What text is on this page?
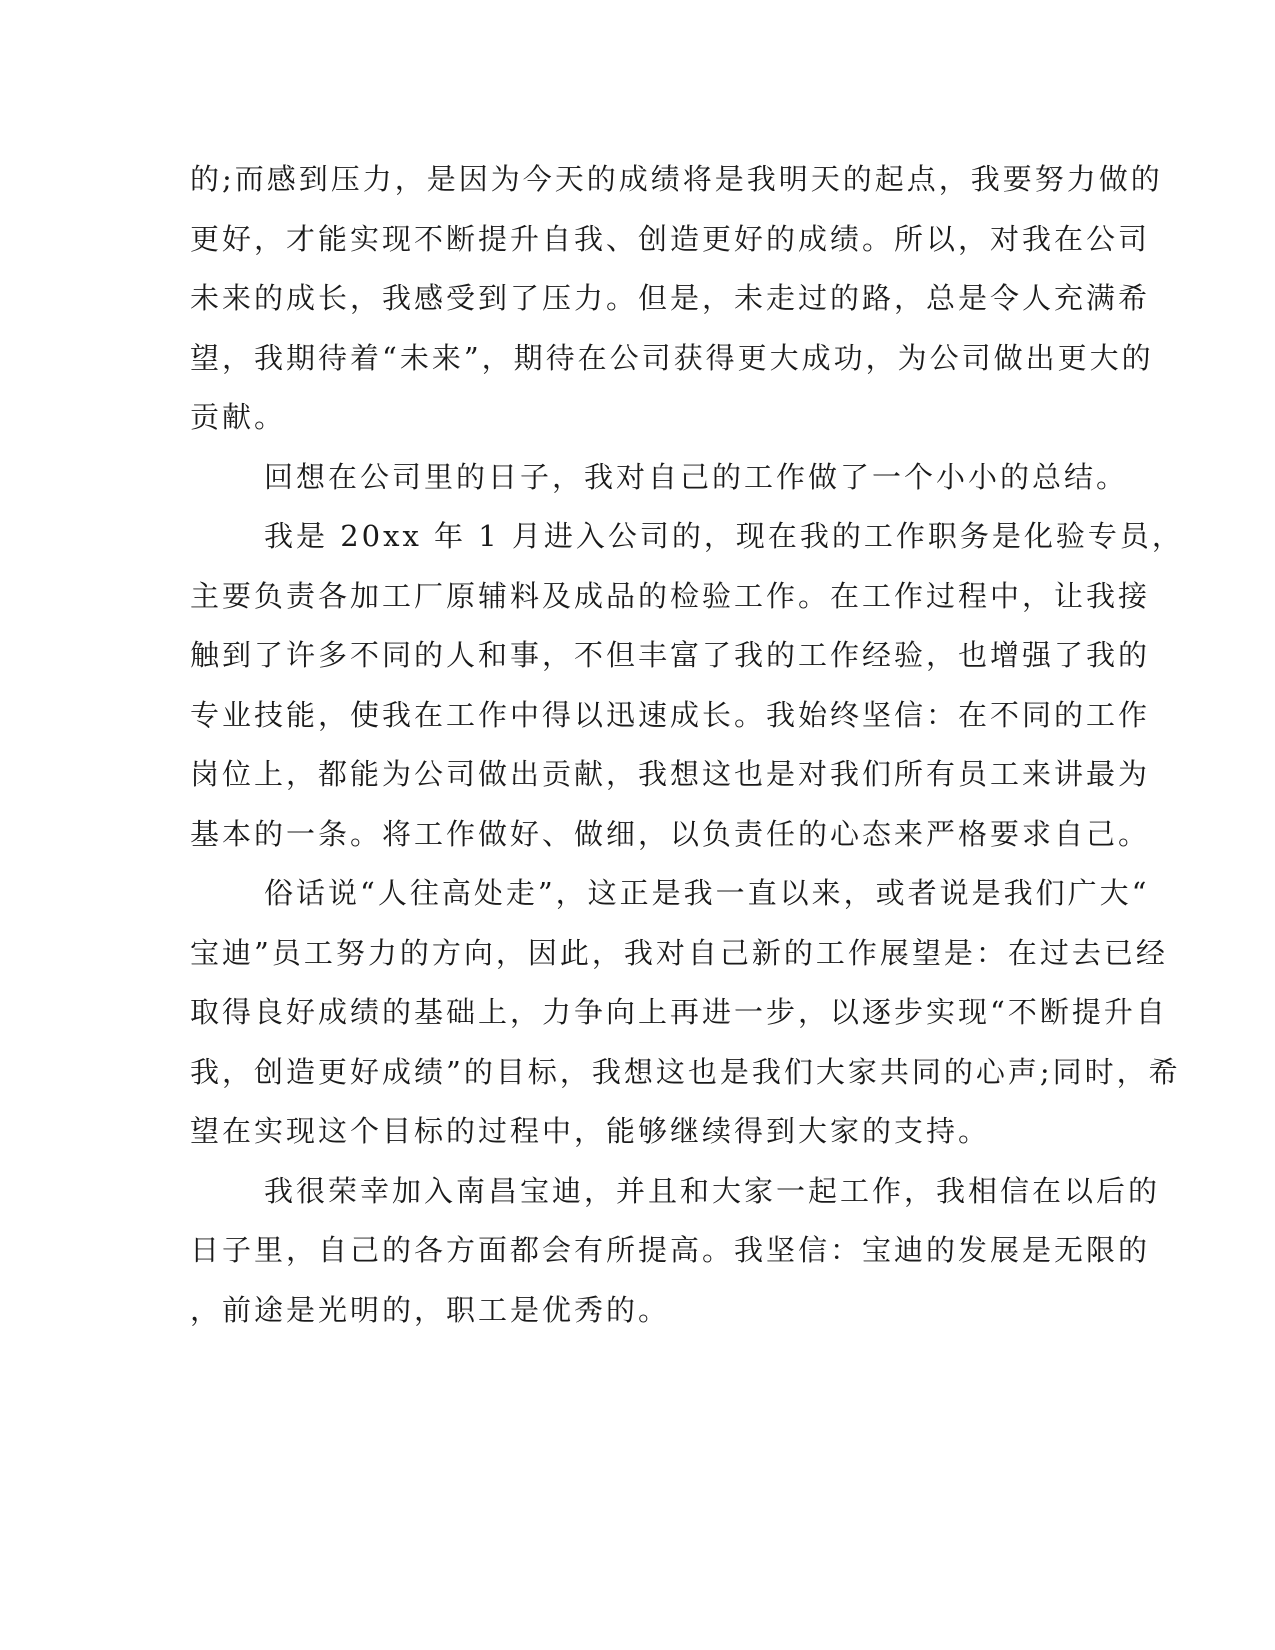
的;而感到压力，是因为今天的成绩将是我明天的起点，我要努力做的
更好，才能实现不断提升自我、创造更好的成绩。所以，对我在公司
未来的成长，我感受到了压力。但是，未走过的路，总是令人充满希
望，我期待着“未来”，期待在公司获得更大成功，为公司做出更大的
贡献。
回想在公司里的日子，我对自己的工作做了一个小小的总结。
我是 20xx 年 1 月进入公司的，现在我的工作职务是化验专员，
主要负责各加工厂原辅料及成品的检验工作。在工作过程中，让我接
触到了许多不同的人和事，不但丰富了我的工作经验，也增强了我的
专业技能，使我在工作中得以迅速成长。我始终坚信：在不同的工作
岗位上，都能为公司做出贡献，我想这也是对我们所有员工来讲最为
基本的一条。将工作做好、做细，以负责任的心态来严格要求自己。
俗话说“人往高处走”，这正是我一直以来，或者说是我们广大“
宝迪”员工努力的方向，因此，我对自己新的工作展望是：在过去已经
取得良好成绩的基础上，力争向上再进一步，以逐步实现“不断提升自
我，创造更好成绩”的目标，我想这也是我们大家共同的心声;同时，希
望在实现这个目标的过程中，能够继续得到大家的支持。
我很荣幸加入南昌宝迪，并且和大家一起工作，我相信在以后的
日子里，自己的各方面都会有所提高。我坚信：宝迪的发展是无限的
，前途是光明的，职工是优秀的。
